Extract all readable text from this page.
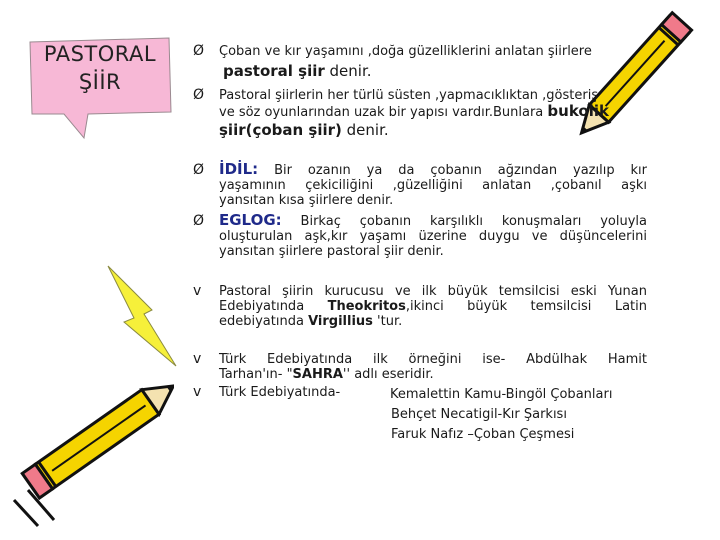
PASTORAL
ŞİİR
Ø Çoban ve kır yaşamını ,doğa güzelliklerini anlatan şiirlere
pastoral şiir denir.
Ø Pastoral şiirlerin her türlü süsten ,yapmacıklıktan ,gösteriş
ve söz oyunlarından uzak bir yapısı vardır.Bunlara bukolik
şiir(çoban şiir) denir.
Ø İDİL: Bir ozanın ya da çobanın ağzından yazılıp kır
yaşamının çekiciliğini ,güzelliğini anlatan ,çobanıl aşkı
yansıtan kısa şiirlere denir.
Ø EGLOG: Birkaç çobanın karşılıklı konuşmaları yoluyla
oluşturulan aşk,kır yaşamı üzerine duygu ve düşüncelerini
yansıtan şiirlere pastoral şiir denir.
v Pastoral şiirin kurucusu ve ilk büyük temsilcisi eski Yunan
Edebiyatında Theokritos,ikinci büyük temsilcisi Latin
edebiyatında Virgillius 'tur.
v Türk Edebiyatında ilk örneğini ise- Abdülhak Hamit
Tarhan'ın- "SAHRA'' adlı eseridir.
v Türk Edebiyatında-	Kemalettin Kamu-Bingöl Çobanları
Behçet Necatigil-Kır Şarkısı
Faruk Nafız –Çoban Çeşmesi
